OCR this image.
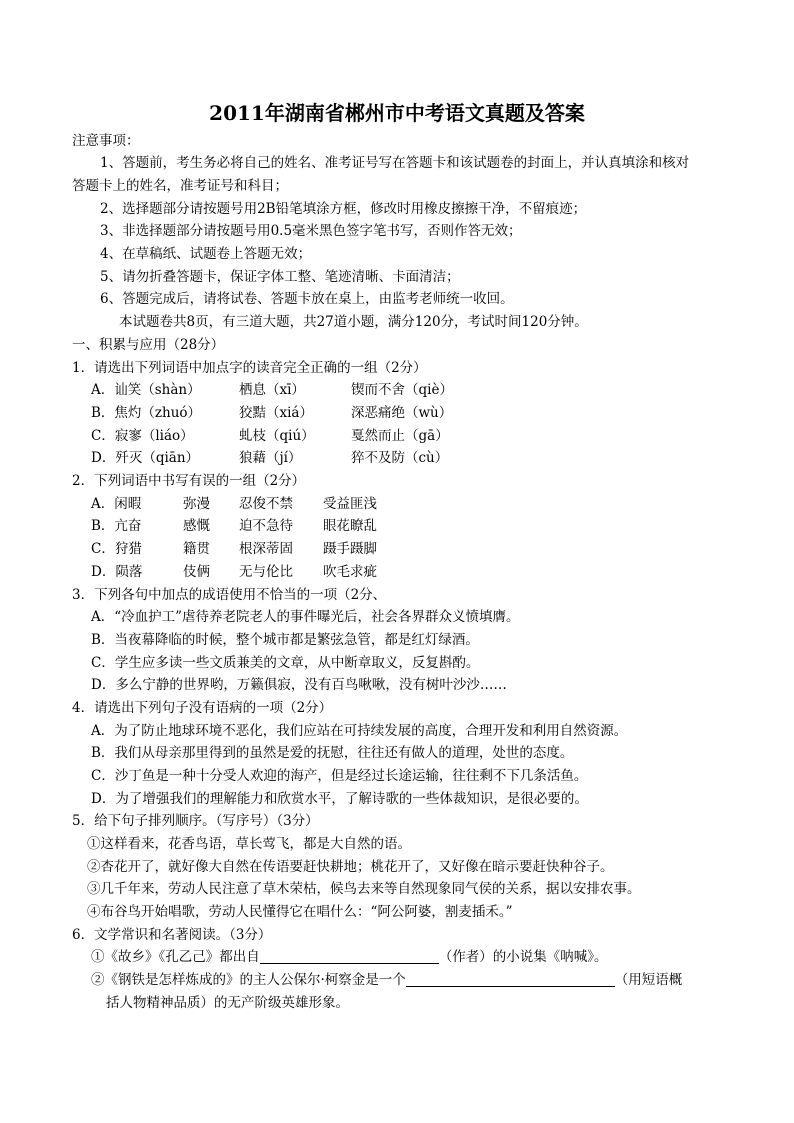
2011年湖南省郴州市中考语文真题及答案
注意事项：
1、答题前，考生务必将自己的姓名、准考证号写在答题卡和该试题卷的封面上，并认真填涂和核对
答题卡上的姓名，准考证号和科目；
2、选择题部分请按题号用2B铅笔填涂方框，修改时用橡皮擦擦干净，不留痕迹；
3、非选择题部分请按题号用0.5毫米黑色签字笔书写，否则作答无效；
4、在草稿纸、试题卷上答题无效；
5、请勿折叠答题卡，保证字体工整、笔迹清晰、卡面清洁；
6、答题完成后，请将试卷、答题卡放在桌上，由监考老师统一收回。
本试题卷共8页，有三道大题，共27道小题，满分120分，考试时间120分钟。
一、积累与应用（28分）
1．请选出下列词语中加点字的读音完全正确的一组（2分）
A．讪笑（shàn）	栖息（xī）	锲而不舍（qiè）
B．焦灼（zhuó）	狡黠（xiá）	深恶痛绝（wù）
C．寂寥（liáo）	虬枝（qiú）	戛然而止（gā）
D．歼灭（qiān）	狼藉（jí）	猝不及防（cù）
2．下列词语中书写有误的一组（2分）
A．闲暇	弥漫 忍俊不禁 受益匪浅
B．亢奋	感慨 迫不急待 眼花瞭乱
C．狩猎	籍贯 根深蒂固 蹑手蹑脚
D．陨落	伎俩 无与伦比 吹毛求疵
3．下列各句中加点的成语使用不恰当的一项（2分、
A．“冷血护工”虐待养老院老人的事件曝光后，社会各界群众义愤填膺。
B．当夜幕降临的时候，整个城市都是繁弦急管，都是红灯绿酒。
C．学生应多读一些文质兼美的文章，从中断章取义，反复斟酌。
D．多么宁静的世界哟，万籁俱寂，没有百鸟啾啾，没有树叶沙沙……
4．请选出下列句子没有语病的一项（2分）
A．为了防止地球环境不恶化，我们应站在可持续发展的高度，合理开发和利用自然资源。
B．我们从母亲那里得到的虽然是爱的抚慰，往往还有做人的道理，处世的态度。
C．沙丁鱼是一种十分受人欢迎的海产，但是经过长途运输，往往剩不下几条活鱼。
D．为了增强我们的理解能力和欣赏水平，了解诗歌的一些体裁知识，是很必要的。
5．给下句子排列顺序。（写序号）（3分）
①这样看来，花香鸟语，草长莺飞，都是大自然的语。
②杏花开了，就好像大自然在传语要赶快耕地；桃花开了，又好像在暗示要赶快种谷子。
③几千年来，劳动人民注意了草木荣枯，候鸟去来等自然现象同气侯的关系，据以安排农事。
④布谷鸟开始唱歌，劳动人民懂得它在唱什么：“阿公阿婆，割麦插禾。”
6．文学常识和名著阅读。（3分）
①《故乡》《孔乙己》都出自	（作者）的小说集《呐喊》。
②《钢铁是怎样炼成的》的主人公保尔·柯察金是一个	（用短语概
括人物精神品质）的无产阶级英雄形象。
